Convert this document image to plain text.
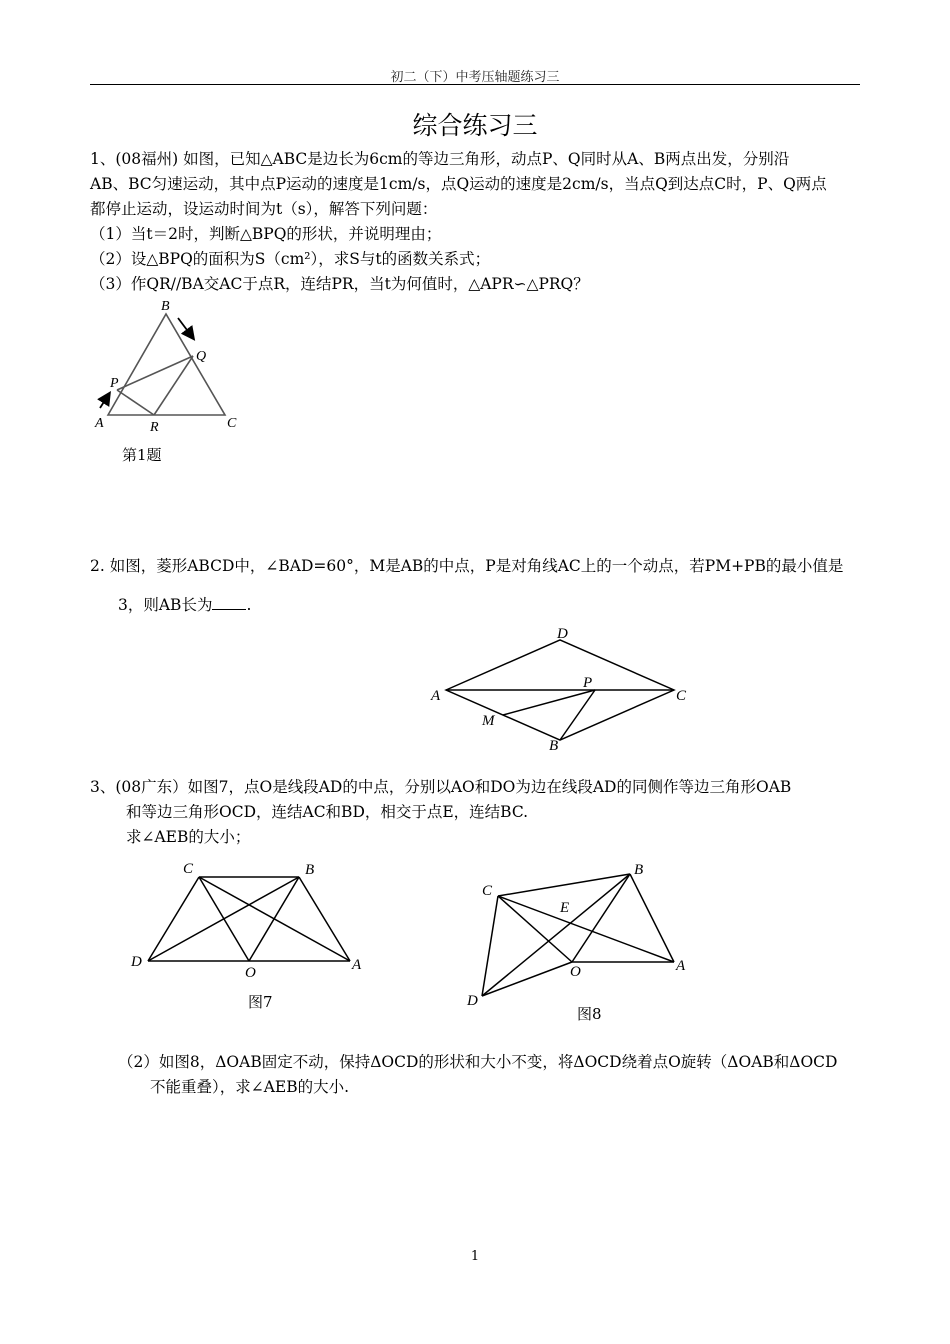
初二（下）中考压轴题练习三
综合练习三
1、(08福州) 如图，已知△ABC是边长为6cm的等边三角形，动点P、Q同时从A、B两点出发，分别沿
AB、BC匀速运动，其中点P运动的速度是1cm/s，点Q运动的速度是2cm/s，当点Q到达点C时，P、Q两点
都停止运动，设运动时间为t（s），解答下列问题：
（1）当t＝2时，判断△BPQ的形状，并说明理由；
（2）设△BPQ的面积为S（cm²），求S与t的函数关系式；
（3）作QR//BA交AC于点R，连结PR，当t为何值时，△APR∽△PRQ？
B
Q
P
A	R	C
第1题
2. 如图，菱形ABCD中，∠BAD=60°，M是AB的中点，P是对角线AC上的一个动点，若PM+PB的最小值是
3，则AB长为 .
D
A
P
C
M
B
3、(08广东）如图7，点O是线段AD的中点，分别以AO和DO为边在线段AD的同侧作等边三角形OAB
和等边三角形OCD，连结AC和BD，相交于点E，连结BC.
求∠AEB的大小；
C	B
D
O	A
图7
C
B
E
O	A
D
图8
（2）如图8，ΔOAB固定不动，保持ΔOCD的形状和大小不变，将ΔOCD绕着点O旋转（ΔOAB和ΔOCD
不能重叠），求∠AEB的大小.
1
